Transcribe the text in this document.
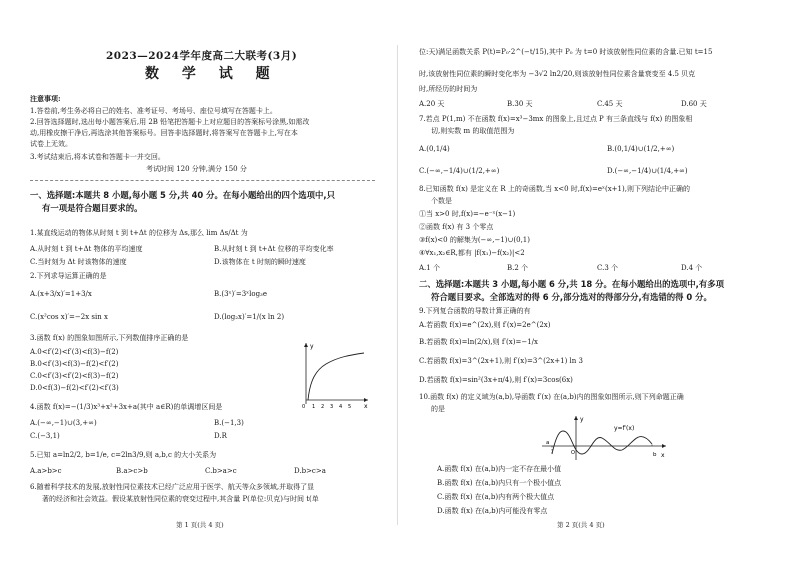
2023—2024学年度高二大联考(3月)
数 学 试 题
注意事项:
1.答卷前,考生务必将自己的姓名、准考证号、考场号、座位号填写在答题卡上。
2.回答选择题时,选出每小题答案后,用 2B 铅笔把答题卡上对应题目的答案标号涂黑,如需改
动,用橡皮擦干净后,再选涂其他答案标号。回答非选择题时,将答案写在答题卡上,写在本
试卷上无效。
3.考试结束后,将本试卷和答题卡一并交回。
考试时间 120 分钟,满分 150 分
一、选择题:本题共 8 小题,每小题 5 分,共 40 分。在每小题给出的四个选项中,只
有一项是符合题目要求的。
1.某直线运动的物体从时刻 t 到 t+Δt 的位移为 Δs,那么 lim Δs/Δt 为
A.从时刻 t 到 t+Δt 物体的平均速度	B.从时刻 t 到 t+Δt 位移的平均变化率
C.当时刻为 Δt 时该物体的速度	D.该物体在 t 时刻的瞬时速度
2.下列求导运算正确的是
A.(x+3/x)′=1+3/x	B.(3ˣ)′=3ˣlog₃e
C.(x²cos x)′=−2x sin x	D.(log₂x)′=1/(x ln 2)
3.函数 f(x) 的图象如图所示,下列数值排序正确的是
A.0<f′(2)<f′(3)<f(3)−f(2)
B.0<f′(3)<f(3)−f(2)<f′(2)
C.0<f′(3)<f′(2)<f(3)−f(2)
D.0<f(3)−f(2)<f′(2)<f′(3)
y
x
0 1 2 3 4 5
4.函数 f(x)=−(1/3)x³+x²+3x+a(其中 a∈R)的单调增区间是
A.(−∞,−1)∪(3,+∞)	B.(−1,3)
C.(−3,1)	D.R
5.已知 a=ln2/2, b=1/e, c=2ln3/9,则 a,b,c 的大小关系为
A.a>b>c	B.a>c>b	C.b>a>c	D.b>c>a
6.随着科学技术的发展,放射性同位素技术已经广泛应用于医学、航天等众多领域,并取得了显
著的经济和社会效益。假设某放射性同位素的衰变过程中,其含量 P(单位:贝克)与时间 t(单
第 1 页(共 4 页)
位:天)满足函数关系 P(t)=P₀·2^(−t/15),其中 P₀ 为 t=0 时该放射性同位素的含量.已知 t=15
时,该放射性同位素的瞬时变化率为 −3√2 ln2/20,则该放射性同位素含量衰变至 4.5 贝克
时,所经历的时间为
A.20 天	B.30 天	C.45 天	D.60 天
7.若点 P(1,m) 不在函数 f(x)=x³−3mx 的图象上,且过点 P 有三条直线与 f(x) 的图象相
切,则实数 m 的取值范围为
A.(0,1/4)	B.(0,1/4)∪(1/2,+∞)
C.(−∞,−1/4)∪(1/2,+∞)	D.(−∞,−1/4)∪(1/4,+∞)
8.已知函数 f(x) 是定义在 R 上的奇函数,当 x<0 时,f(x)=eˣ(x+1),则下列结论中正确的
个数是
①当 x>0 时,f(x)=−e⁻ˣ(x−1)
②函数 f(x) 有 3 个零点
③f(x)<0 的解集为(−∞,−1)∪(0,1)
④∀x₁,x₂∈R,都有 |f(x₁)−f(x₂)|<2
A.1 个	B.2 个	C.3 个	D.4 个
二、选择题:本题共 3 小题,每小题 6 分,共 18 分。在每小题给出的选项中,有多项
符合题目要求。全部选对的得 6 分,部分选对的得部分分,有选错的得 0 分。
9.下列复合函数的导数计算正确的有
A.若函数 f(x)=e^(2x),则 f′(x)=2e^(2x)
B.若函数 f(x)=ln(2/x),则 f′(x)=−1/x
C.若函数 f(x)=3^(2x+1),则 f′(x)=3^(2x+1) ln 3
D.若函数 f(x)=sin²(3x+π/4),则 f′(x)=3cos(6x)
10.函数 f(x) 的定义域为(a,b),导函数 f′(x) 在(a,b)内的图象如图所示,则下列命题正确
的是
y
x
y=f′(x)
O
a
b
A.函数 f(x) 在(a,b)内一定不存在最小值
B.函数 f(x) 在(a,b)内只有一个极小值点
C.函数 f(x) 在(a,b)内有两个极大值点
D.函数 f(x) 在(a,b)内可能没有零点
第 2 页(共 4 页)
